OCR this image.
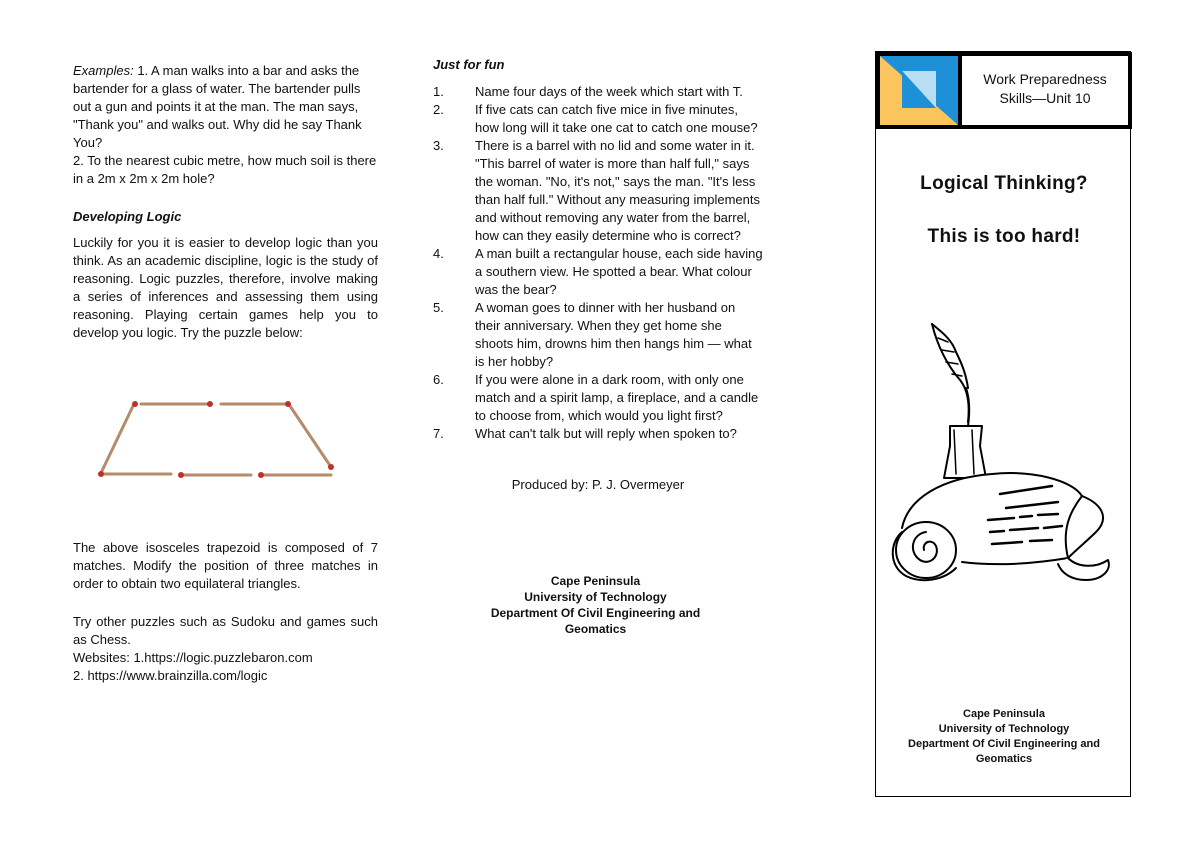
Examples: 1. A man walks into a bar and asks the bartender for a glass of water. The bartender pulls out a gun and points it at the man. The man says, "Thank you" and walks out. Why did he say Thank You?

2. To the nearest cubic metre, how much soil is there in a 2m x 2m x 2m hole?

Developing Logic

Luckily for you it is easier to develop logic than you think. As an academic discipline, logic is the study of reasoning. Logic puzzles, therefore, involve making a series of inferences and assessing them using reasoning. Playing certain games help you to develop you logic. Try the puzzle below:

The above isosceles trapezoid is composed of 7 matches. Modify the position of three matches in order to obtain two equilateral triangles.

Try other puzzles such as Sudoku and games such as Chess.

Websites: 1.https://logic.puzzlebaron.com

2. https://www.brainzilla.com/logic

Just for fun

1.	Name four days of the week which start with T.
2.	If five cats can catch five mice in five minutes, how long will it take one cat to catch one mouse?
3.	There is a barrel with no lid and some water in it. "This barrel of water is more than half full," says the woman. "No, it's not," says the man. "It's less than half full." Without any measuring implements and without removing any water from the barrel, how can they easily determine who is correct?
4.	A man built a rectangular house, each side having a southern view. He spotted a bear. What colour was the bear?
5.	A woman goes to dinner with her husband on their anniversary. When they get home she shoots him, drowns him then hangs him — what is her hobby?
6.	If you were alone in a dark room, with only one match and a spirit lamp, a fireplace, and a candle to choose from, which would you light first?
7.	What can't talk but will reply when spoken to?

Produced by: P. J. Overmeyer

Cape Peninsula
University of Technology
Department Of Civil Engineering and
Geomatics
Work Preparedness
Skills—Unit 10
Logical Thinking?
This is too hard!
Cape Peninsula
University of Technology
Department Of Civil Engineering and
Geomatics
